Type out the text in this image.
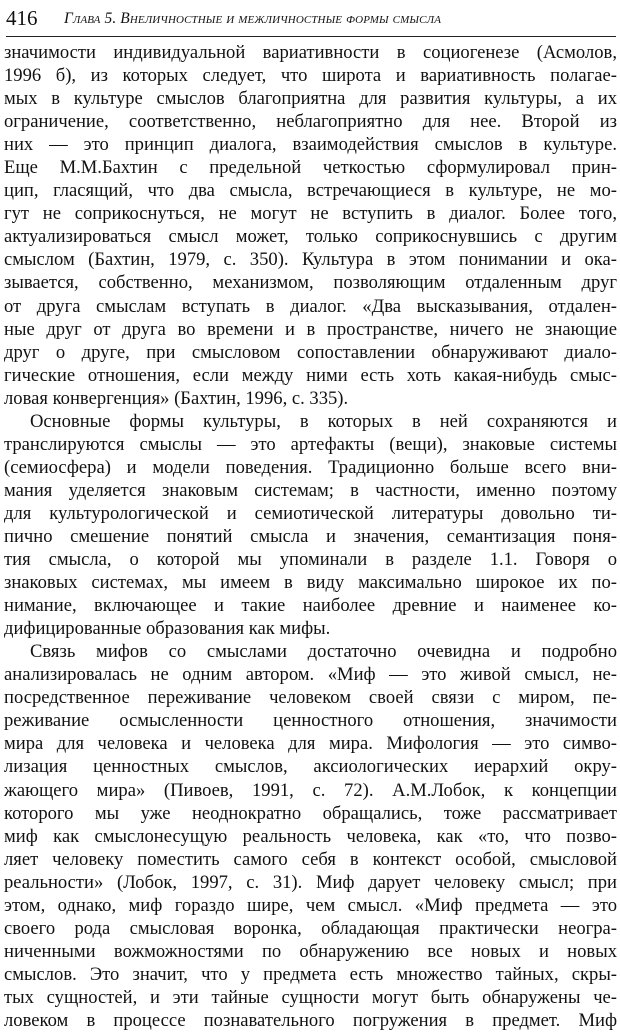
416 Глава 5. Внеличностные и межличностные формы смысла
значимости индивидуальной вариативности в социогенезе (Асмолов,
1996 б), из которых следует, что широта и вариативность полагае-
мых в культуре смыслов благоприятна для развития культуры, а их
ограничение, соответственно, неблагоприятно для нее. Второй из
них — это принцип диалога, взаимодействия смыслов в культуре.
Еще М.М.Бахтин с предельной четкостью сформулировал прин-
цип, гласящий, что два смысла, встречающиеся в культуре, не мо-
гут не соприкоснуться, не могут не вступить в диалог. Более того,
актуализироваться смысл может, только соприкоснувшись с другим
смыслом (Бахтин, 1979, с. 350). Культура в этом понимании и ока-
зывается, собственно, механизмом, позволяющим отдаленным друг
от друга смыслам вступать в диалог. «Два высказывания, отдален-
ные друг от друга во времени и в пространстве, ничего не знающие
друг о друге, при смысловом сопоставлении обнаруживают диало-
гические отношения, если между ними есть хоть какая-нибудь смыс-
ловая конвергенция» (Бахтин, 1996, с. 335).
Основные формы культуры, в которых в ней сохраняются и
транслируются смыслы — это артефакты (вещи), знаковые системы
(семиосфера) и модели поведения. Традиционно больше всего вни-
мания уделяется знаковым системам; в частности, именно поэтому
для культурологической и семиотической литературы довольно ти-
пично смешение понятий смысла и значения, семантизация поня-
тия смысла, о которой мы упоминали в разделе 1.1. Говоря о
знаковых системах, мы имеем в виду максимально широкое их по-
нимание, включающее и такие наиболее древние и наименее ко-
дифицированные образования как мифы.
Связь мифов со смыслами достаточно очевидна и подробно
анализировалась не одним автором. «Миф — это живой смысл, не-
посредственное переживание человеком своей связи с миром, пе-
реживание осмысленности ценностного отношения, значимости
мира для человека и человека для мира. Мифология — это симво-
лизация ценностных смыслов, аксиологических иерархий окру-
жающего мира» (Пивоев, 1991, с. 72). А.М.Лобок, к концепции
которого мы уже неоднократно обращались, тоже рассматривает
миф как смыслонесущую реальность человека, как «то, что позво-
ляет человеку поместить самого себя в контекст особой, смысловой
реальности» (Лобок, 1997, с. 31). Миф дарует человеку смысл; при
этом, однако, миф гораздо шире, чем смысл. «Миф предмета — это
своего рода смысловая воронка, обладающая практически неогра-
ниченными вожможностями по обнаружению все новых и новых
смыслов. Это значит, что у предмета есть множество тайных, скры-
тых сущностей, и эти тайные сущности могут быть обнаружены че-
ловеком в процессе познавательного погружения в предмет. Миф
